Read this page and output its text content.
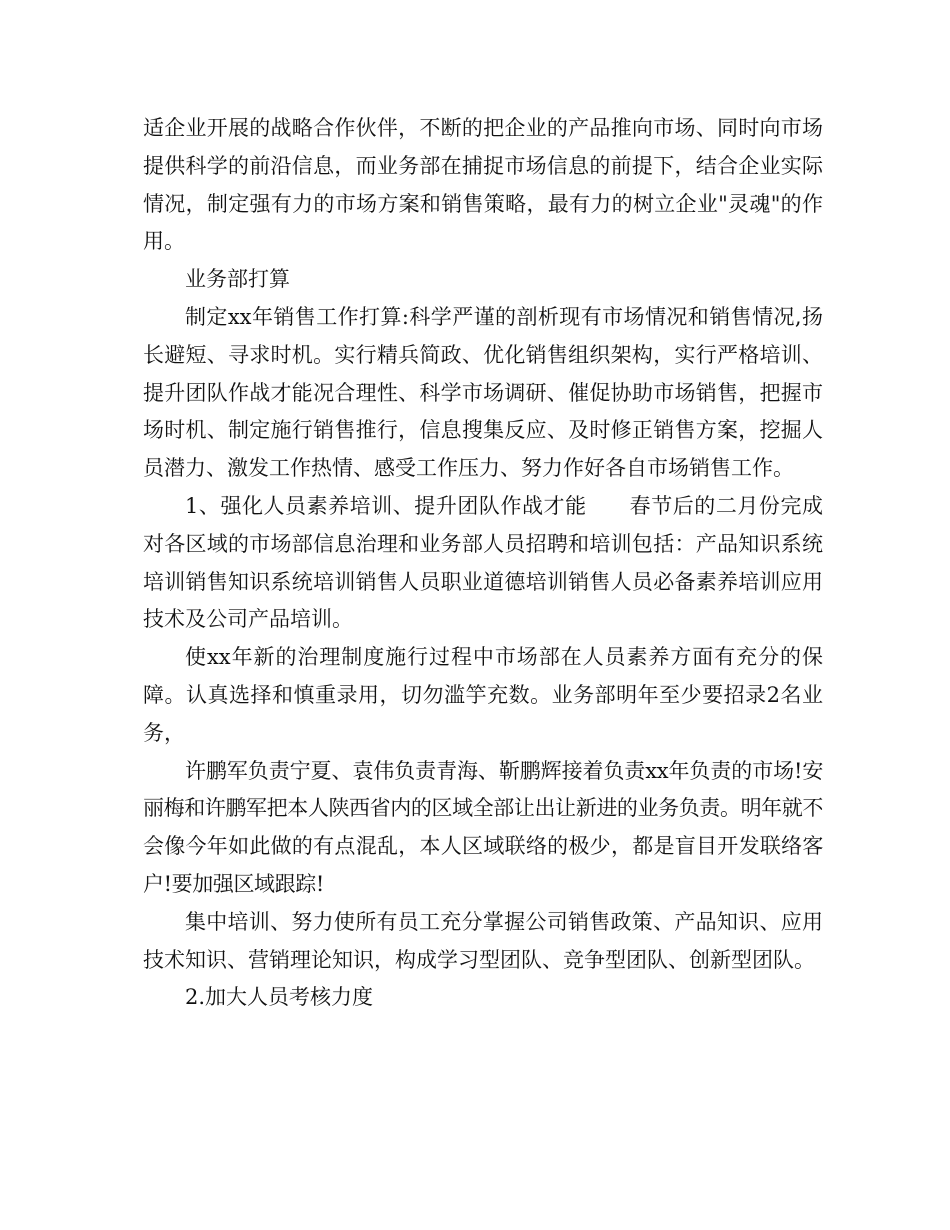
适企业开展的战略合作伙伴，不断的把企业的产品推向市场、同时向市场提供科学的前沿信息，而业务部在捕捉市场信息的前提下，结合企业实际情况，制定强有力的市场方案和销售策略，最有力的树立企业"灵魂"的作用。

业务部打算

制定xx年销售工作打算:科学严谨的剖析现有市场情况和销售情况,扬长避短、寻求时机。实行精兵简政、优化销售组织架构，实行严格培训、提升团队作战才能况合理性、科学市场调研、催促协助市场销售，把握市场时机、制定施行销售推行，信息搜集反应、及时修正销售方案，挖掘人员潜力、激发工作热情、感受工作压力、努力作好各自市场销售工作。

1、强化人员素养培训、提升团队作战才能　　春节后的二月份完成对各区域的市场部信息治理和业务部人员招聘和培训包括：产品知识系统培训销售知识系统培训销售人员职业道德培训销售人员必备素养培训应用技术及公司产品培训。

使xx年新的治理制度施行过程中市场部在人员素养方面有充分的保障。认真选择和慎重录用，切勿滥竽充数。业务部明年至少要招录2名业务，

许鹏军负责宁夏、袁伟负责青海、靳鹏辉接着负责xx年负责的市场!安丽梅和许鹏军把本人陕西省内的区域全部让出让新进的业务负责。明年就不会像今年如此做的有点混乱，本人区域联络的极少，都是盲目开发联络客户!要加强区域跟踪!

集中培训、努力使所有员工充分掌握公司销售政策、产品知识、应用技术知识、营销理论知识，构成学习型团队、竞争型团队、创新型团队。

2.加大人员考核力度
